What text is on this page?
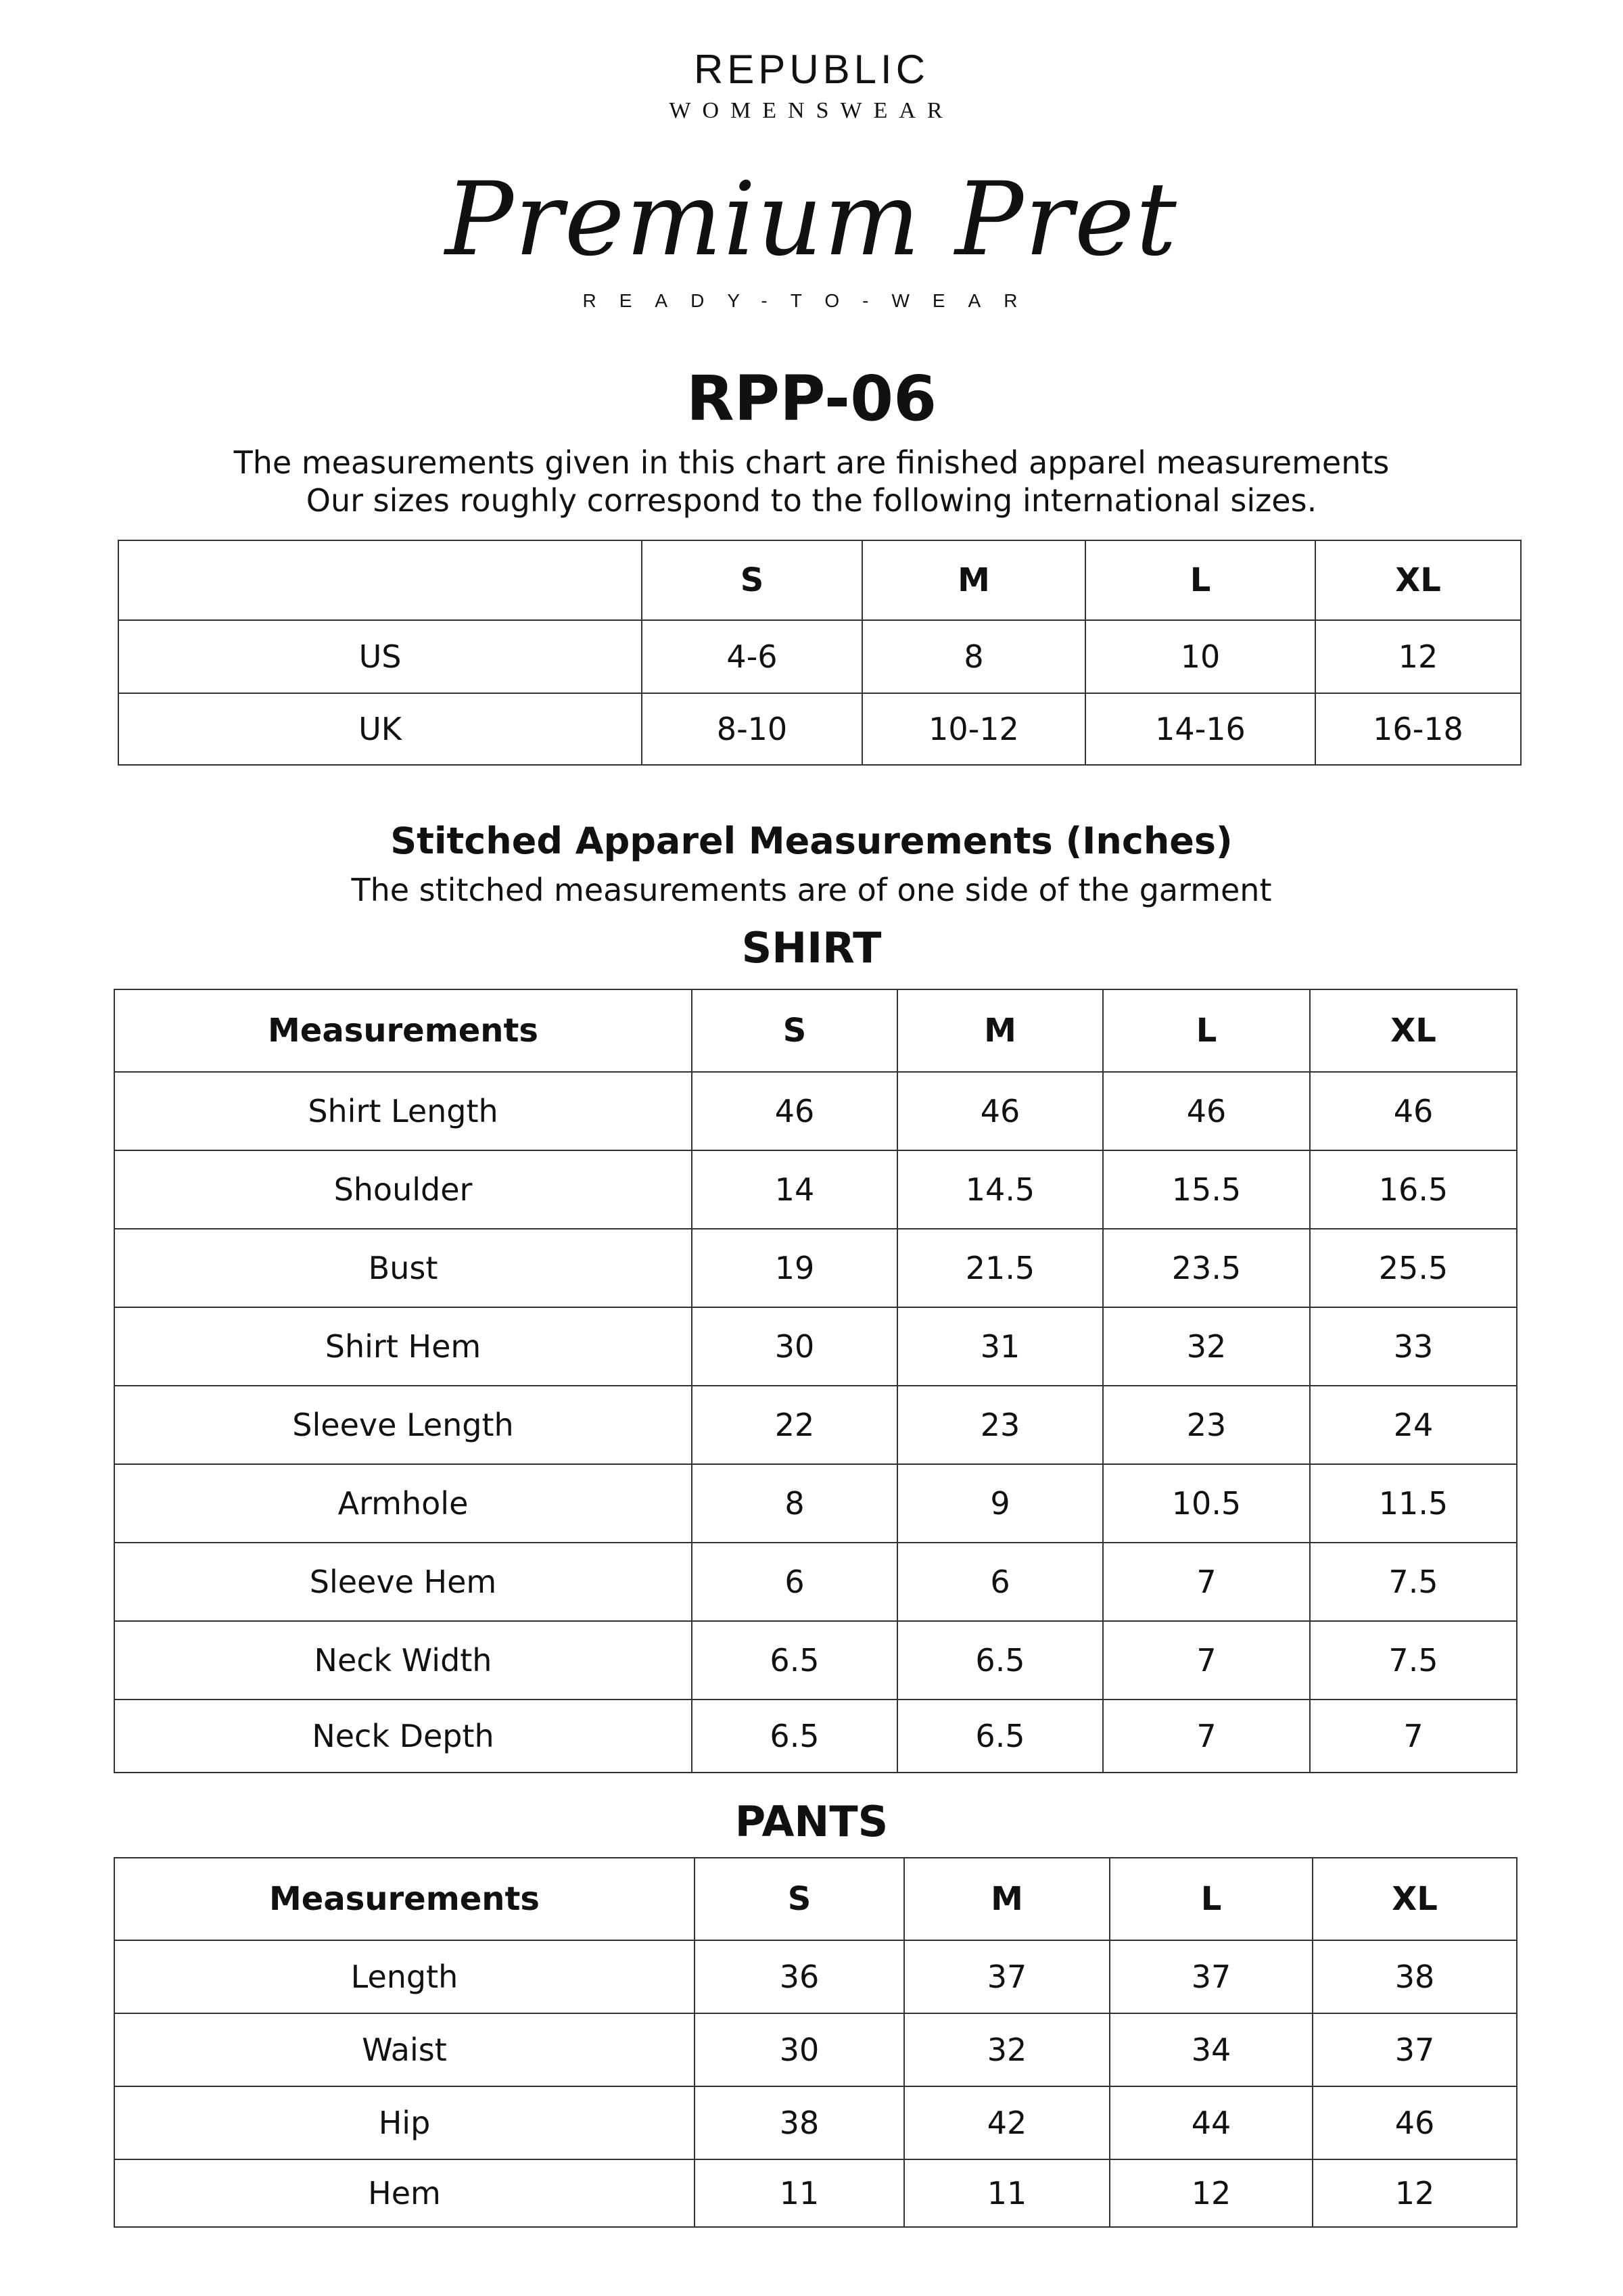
REPUBLIC
WOMENSWEAR
Premium Pret
READY-TO-WEAR
RPP-06
The measurements given in this chart are finished apparel measurements
Our sizes roughly correspond to the following international sizes.
	S	M	L	XL
US	4-6	8	10	12
UK	8-10	10-12	14-16	16-18
Stitched Apparel Measurements (Inches)
The stitched measurements are of one side of the garment
SHIRT
Measurements	S	M	L	XL
Shirt Length	46	46	46	46
Shoulder	14	14.5	15.5	16.5
Bust	19	21.5	23.5	25.5
Shirt Hem	30	31	32	33
Sleeve Length	22	23	23	24
Armhole	8	9	10.5	11.5
Sleeve Hem	6	6	7	7.5
Neck Width	6.5	6.5	7	7.5
Neck Depth	6.5	6.5	7	7
PANTS
Measurements	S	M	L	XL
Length	36	37	37	38
Waist	30	32	34	37
Hip	38	42	44	46
Hem	11	11	12	12
